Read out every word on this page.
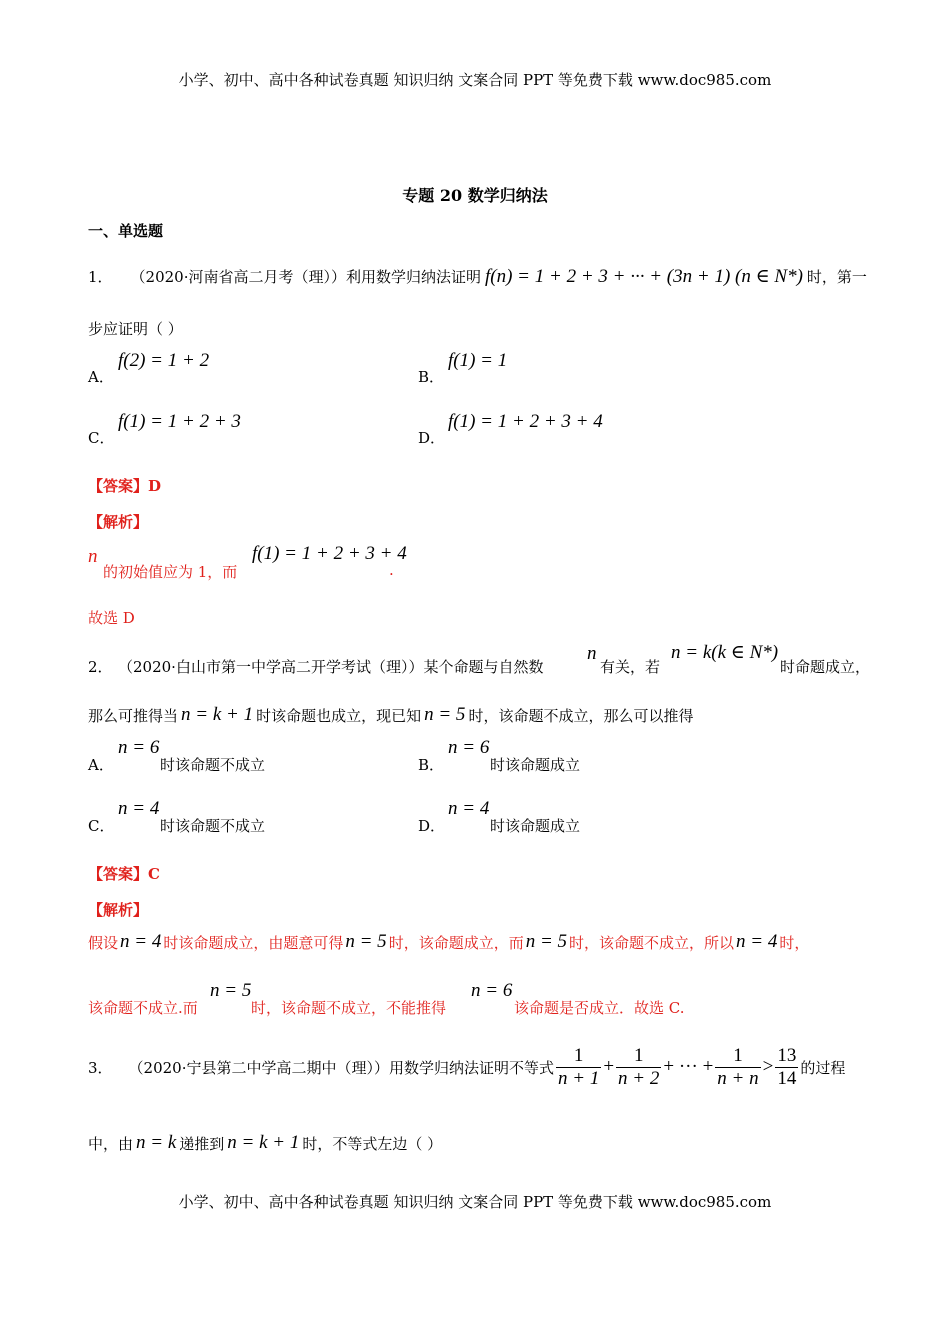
小学、初中、高中各种试卷真题 知识归纳 文案合同 PPT 等免费下载 www.doc985.com
专题 20 数学归纳法
一、单选题
1． （2020·河南省高二月考（理））利用数学归纳法证明 f(n) = 1 + 2 + 3 + ··· + (3n + 1) (n ∈ N*) 时，第一
步应证明（ ）
A．
f(2) = 1 + 2
B．
f(1) = 1
C．
f(1) = 1 + 2 + 3
D．
f(1) = 1 + 2 + 3 + 4
【答案】D
【解析】
n
的初始值应为 1，而
f(1) = 1 + 2 + 3 + 4
.
故选 D
2． （2020·白山市第一中学高二开学考试（理））某个命题与自然数
n
有关，若
n = k(k ∈ N*)
时命题成立，
那么可推得当 n = k + 1 时该命题也成立，现已知 n = 5 时，该命题不成立，那么可以推得
A．
n = 6
时该命题不成立	B．
n = 6
时该命题成立
C．
n = 4
时该命题不成立	D．
n = 4
时该命题成立
【答案】C
【解析】
假设 n = 4 时该命题成立，由题意可得 n = 5 时，该命题成立，而 n = 5 时，该命题不成立，所以 n = 4 时，
该命题不成立.而
n = 5
时，该命题不成立，不能推得
n = 6
该命题是否成立．故选 C.
3． （2020·宁县第二中学高二期中（理））用数学归纳法证明不等式 $\frac{1}{n + 1} + \frac{1}{n + 2}$ + ··· + $\frac{1}{n + n} > \frac{13}{14}$ 的过程
中，由 n = k 递推到 n = k + 1 时，不等式左边（ ）
小学、初中、高中各种试卷真题 知识归纳 文案合同 PPT 等免费下载 www.doc985.com
